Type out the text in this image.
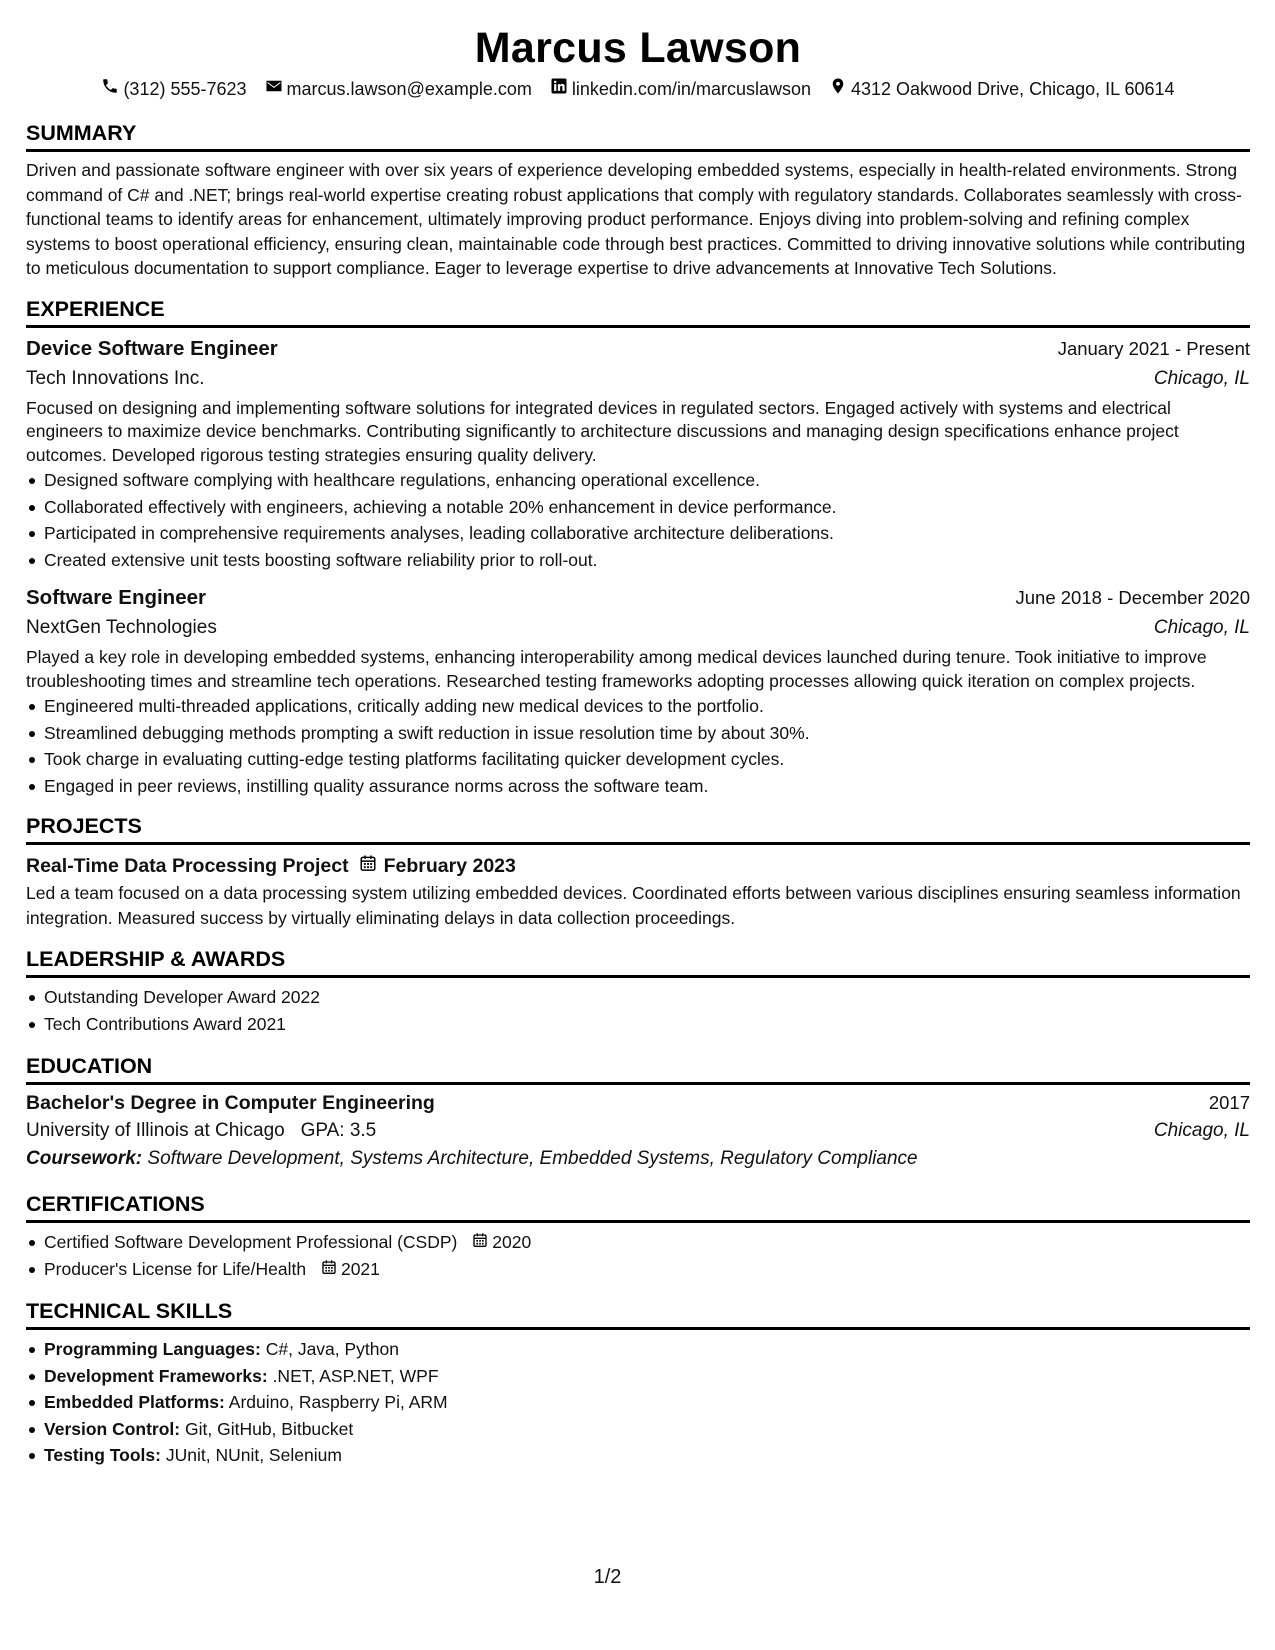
Marcus Lawson
(312) 555-7623 marcus.lawson@example.com linkedin.com/in/marcuslawson 4312 Oakwood Drive, Chicago, IL 60614
SUMMARY
Driven and passionate software engineer with over six years of experience developing embedded systems, especially in health-related environments. Strong command of C# and .NET; brings real-world expertise creating robust applications that comply with regulatory standards. Collaborates seamlessly with cross-functional teams to identify areas for enhancement, ultimately improving product performance. Enjoys diving into problem-solving and refining complex systems to boost operational efficiency, ensuring clean, maintainable code through best practices. Committed to driving innovative solutions while contributing to meticulous documentation to support compliance. Eager to leverage expertise to drive advancements at Innovative Tech Solutions.
EXPERIENCE
Device Software Engineer	January 2021 - Present
Tech Innovations Inc.	Chicago, IL
Focused on designing and implementing software solutions for integrated devices in regulated sectors. Engaged actively with systems and electrical engineers to maximize device benchmarks. Contributing significantly to architecture discussions and managing design specifications enhance project outcomes. Developed rigorous testing strategies ensuring quality delivery.
Designed software complying with healthcare regulations, enhancing operational excellence.
Collaborated effectively with engineers, achieving a notable 20% enhancement in device performance.
Participated in comprehensive requirements analyses, leading collaborative architecture deliberations.
Created extensive unit tests boosting software reliability prior to roll-out.
Software Engineer	June 2018 - December 2020
NextGen Technologies	Chicago, IL
Played a key role in developing embedded systems, enhancing interoperability among medical devices launched during tenure. Took initiative to improve troubleshooting times and streamline tech operations. Researched testing frameworks adopting processes allowing quick iteration on complex projects.
Engineered multi-threaded applications, critically adding new medical devices to the portfolio.
Streamlined debugging methods prompting a swift reduction in issue resolution time by about 30%.
Took charge in evaluating cutting-edge testing platforms facilitating quicker development cycles.
Engaged in peer reviews, instilling quality assurance norms across the software team.
PROJECTS
Real-Time Data Processing Project February 2023
Led a team focused on a data processing system utilizing embedded devices. Coordinated efforts between various disciplines ensuring seamless information integration. Measured success by virtually eliminating delays in data collection proceedings.
LEADERSHIP & AWARDS
Outstanding Developer Award 2022
Tech Contributions Award 2021
EDUCATION
Bachelor's Degree in Computer Engineering	2017
University of Illinois at Chicago GPA: 3.5	Chicago, IL
Coursework: Software Development, Systems Architecture, Embedded Systems, Regulatory Compliance
CERTIFICATIONS
Certified Software Development Professional (CSDP) 2020
Producer's License for Life/Health 2021
TECHNICAL SKILLS
Programming Languages: C#, Java, Python
Development Frameworks: .NET, ASP.NET, WPF
Embedded Platforms: Arduino, Raspberry Pi, ARM
Version Control: Git, GitHub, Bitbucket
Testing Tools: JUnit, NUnit, Selenium
1/2
